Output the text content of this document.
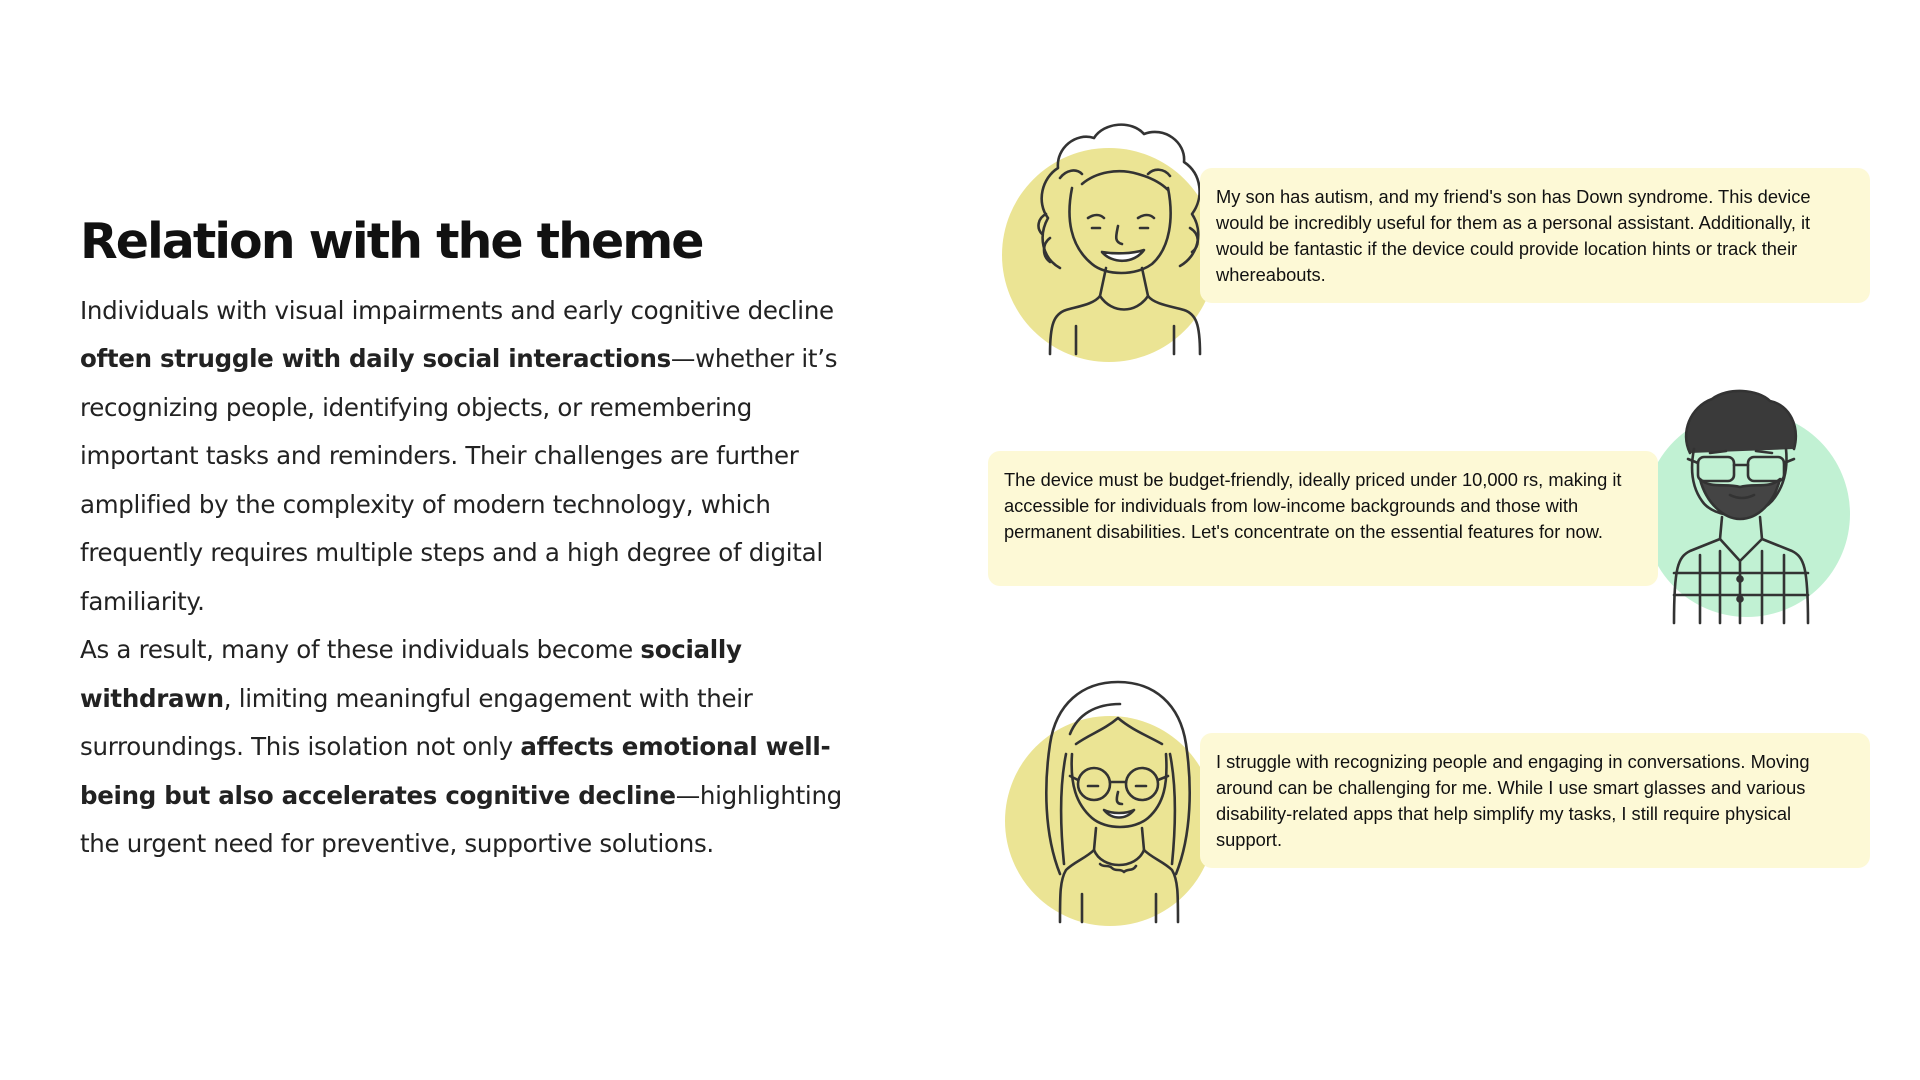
Relation with the theme

Individuals with visual impairments and early cognitive decline often struggle with daily social interactions—whether it’s recognizing people, identifying objects, or remembering important tasks and reminders. Their challenges are further amplified by the complexity of modern technology, which frequently requires multiple steps and a high degree of digital familiarity.

As a result, many of these individuals become socially withdrawn, limiting meaningful engagement with their surroundings. This isolation not only affects emotional well-being but also accelerates cognitive decline—highlighting the urgent need for preventive, supportive solutions.

My son has autism, and my friend's son has Down syndrome. This device would be incredibly useful for them as a personal assistant. Additionally, it would be fantastic if the device could provide location hints or track their whereabouts.
The device must be budget-friendly, ideally priced under 10,000 rs, making it accessible for individuals from low-income backgrounds and those with permanent disabilities. Let's concentrate on the essential features for now.
I struggle with recognizing people and engaging in conversations. Moving around can be challenging for me. While I use smart glasses and various disability-related apps that help simplify my tasks, I still require physical support.
